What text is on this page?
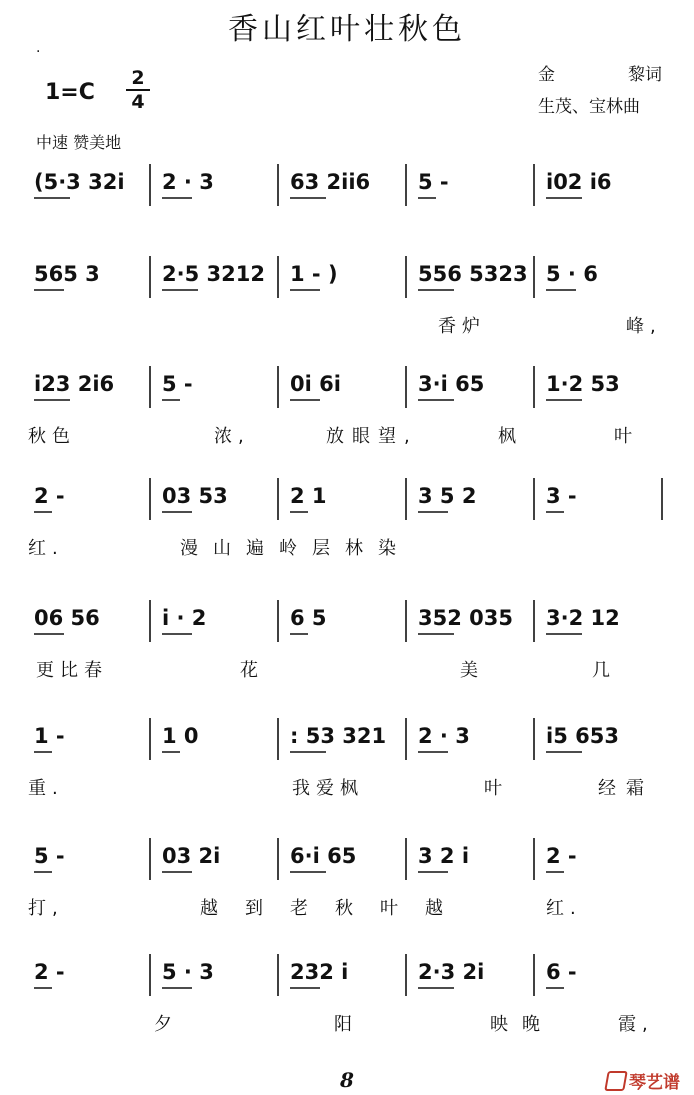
香山红叶壮秋色
·
1=C
2
4
金	黎词
生茂、宝林曲
中速 赞美地
(5·3 32i 2 · 3	63 2ii6 5 -	i02 i6
565 3	2·5 3212 1 - )	556 5323 5 · 6
香炉	峰,
i23 2i6 5 -	0i 6i	3·i 65	1·2 53
秋色	浓,	放眼望,	枫	叶
2 -	03 53	2 1	3 5 2	3 -
红.	漫山遍岭层林染
06 56	i · 2	6 5	352 035 3·2 12
更比春	花	美	几
1 -	1 0	: 53 321 2 · 3	i5 653
重.	我爱枫	叶	经霜
5 -	03 2i	6·i 65	3 2 i	2 -
打,	越到老秋叶越	红.
2 -	5 · 3	232 i	2·3 2i	6 -
夕	阳	映晚	霞,
8	琴艺谱
